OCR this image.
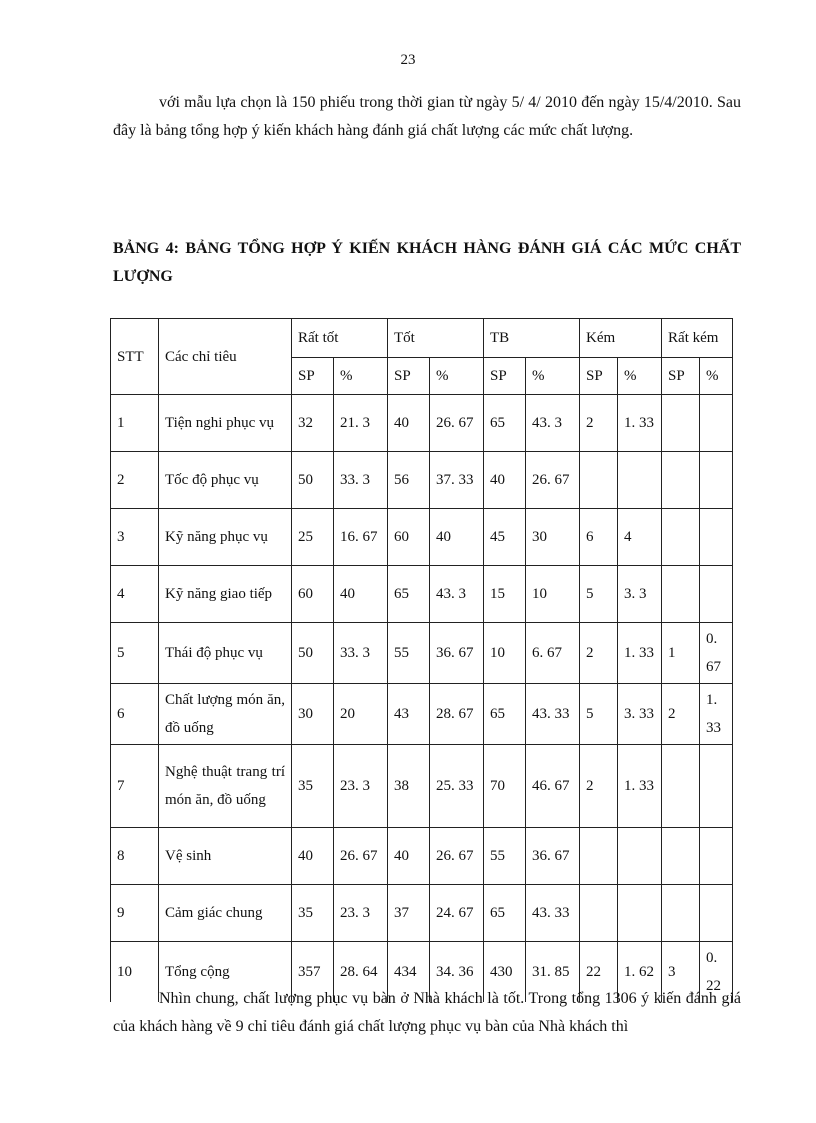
23

với mẫu lựa chọn là 150 phiếu trong thời gian từ ngày 5/ 4/ 2010 đến ngày 15/4/2010. Sau đây là bảng tổng hợp ý kiến khách hàng đánh giá chất lượng các mức chất lượng.

BẢNG 4: BẢNG TỔNG HỢP Ý KIẾN KHÁCH HÀNG ĐÁNH GIÁ CÁC MỨC CHẤT LƯỢNG
STT	Các chỉ tiêu	Rất tốt		Tốt		TB		Kém		Rất kém	
		SP	%	SP	%	SP	%	SP	%	SP	%
1	Tiện nghi phục vụ	32	21. 3	40	26. 67	65	43. 3	2	1. 33		
2	Tốc độ phục vụ	50	33. 3	56	37. 33	40	26. 67				
3	Kỹ năng phục vụ	25	16. 67	60	40	45	30	6	4		
4	Kỹ năng giao tiếp	60	40	65	43. 3	15	10	5	3. 3		
5	Thái độ phục vụ	50	33. 3	55	36. 67	10	6. 67	2	1. 33	1	0. 67
6	Chất lượng món ăn, đồ uống	30	20	43	28. 67	65	43. 33	5	3. 33	2	1. 33
7	Nghệ thuật trang trí món ăn, đồ uống	35	23. 3	38	25. 33	70	46. 67	2	1. 33		
8	Vệ sinh	40	26. 67	40	26. 67	55	36. 67				
9	Cảm giác chung	35	23. 3	37	24. 67	65	43. 33				
10	Tổng cộng	357	28. 64	434	34. 36	430	31. 85	22	1. 62	3	0. 22

Nhìn chung, chất lượng phục vụ bàn ở Nhà khách là tốt. Trong tổng 1306 ý kiến đánh giá của khách hàng về 9 chỉ tiêu đánh giá chất lượng phục vụ bàn của Nhà khách thì
